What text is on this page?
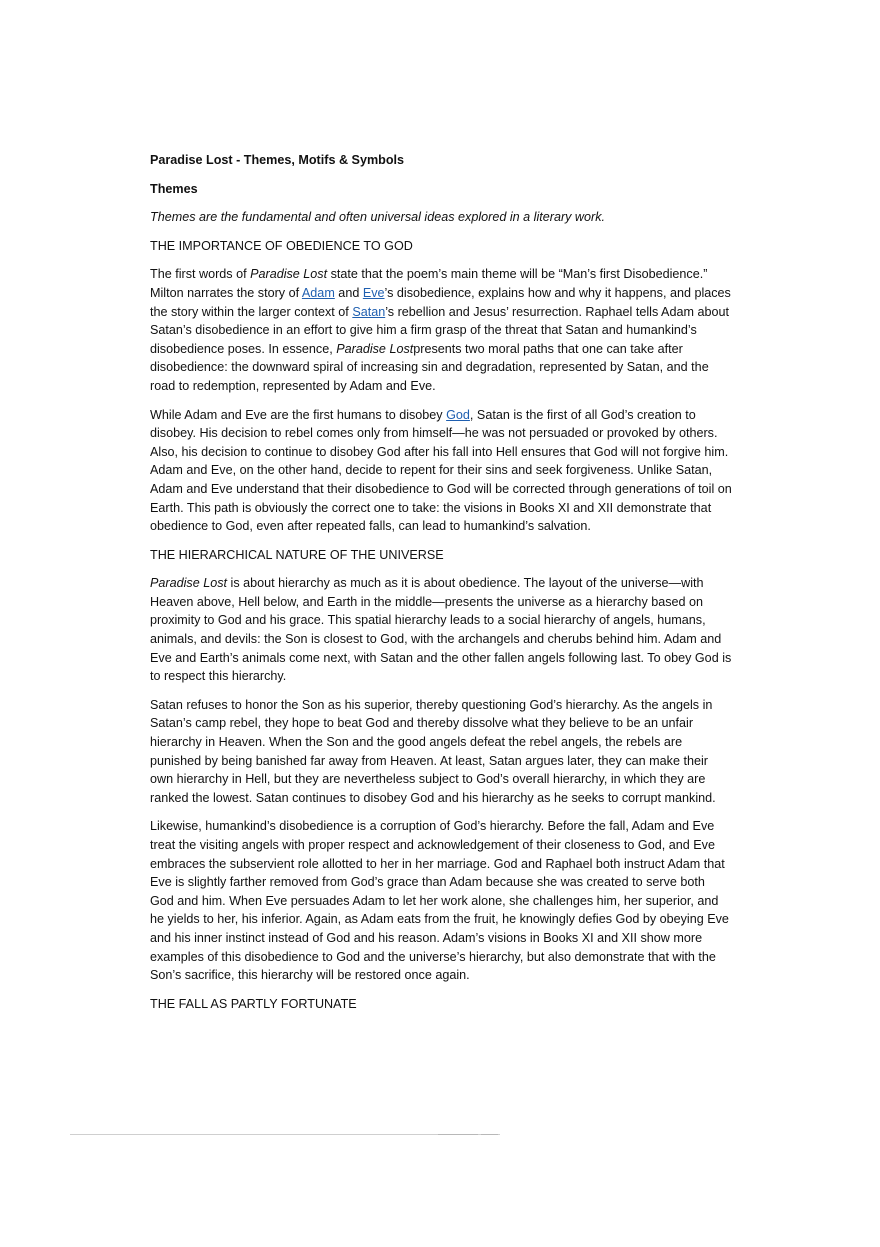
Paradise Lost - Themes, Motifs & Symbols

Themes

Themes are the fundamental and often universal ideas explored in a literary work.

THE IMPORTANCE OF OBEDIENCE TO GOD

The first words of Paradise Lost state that the poem’s main theme will be “Man’s first Disobedience.” Milton narrates the story of Adam and Eve’s disobedience, explains how and why it happens, and places the story within the larger context of Satan’s rebellion and Jesus’ resurrection. Raphael tells Adam about Satan’s disobedience in an effort to give him a firm grasp of the threat that Satan and humankind’s disobedience poses. In essence, Paradise Lostpresents two moral paths that one can take after disobedience: the downward spiral of increasing sin and degradation, represented by Satan, and the road to redemption, represented by Adam and Eve.

While Adam and Eve are the first humans to disobey God, Satan is the first of all God’s creation to disobey. His decision to rebel comes only from himself—he was not persuaded or provoked by others. Also, his decision to continue to disobey God after his fall into Hell ensures that God will not forgive him. Adam and Eve, on the other hand, decide to repent for their sins and seek forgiveness. Unlike Satan, Adam and Eve understand that their disobedience to God will be corrected through generations of toil on Earth. This path is obviously the correct one to take: the visions in Books XI and XII demonstrate that obedience to God, even after repeated falls, can lead to humankind’s salvation.

THE HIERARCHICAL NATURE OF THE UNIVERSE

Paradise Lost is about hierarchy as much as it is about obedience. The layout of the universe—with Heaven above, Hell below, and Earth in the middle—presents the universe as a hierarchy based on proximity to God and his grace. This spatial hierarchy leads to a social hierarchy of angels, humans, animals, and devils: the Son is closest to God, with the archangels and cherubs behind him. Adam and Eve and Earth’s animals come next, with Satan and the other fallen angels following last. To obey God is to respect this hierarchy.

Satan refuses to honor the Son as his superior, thereby questioning God’s hierarchy. As the angels in Satan’s camp rebel, they hope to beat God and thereby dissolve what they believe to be an unfair hierarchy in Heaven. When the Son and the good angels defeat the rebel angels, the rebels are punished by being banished far away from Heaven. At least, Satan argues later, they can make their own hierarchy in Hell, but they are nevertheless subject to God’s overall hierarchy, in which they are ranked the lowest. Satan continues to disobey God and his hierarchy as he seeks to corrupt mankind.

Likewise, humankind’s disobedience is a corruption of God’s hierarchy. Before the fall, Adam and Eve treat the visiting angels with proper respect and acknowledgement of their closeness to God, and Eve embraces the subservient role allotted to her in her marriage. God and Raphael both instruct Adam that Eve is slightly farther removed from God’s grace than Adam because she was created to serve both God and him. When Eve persuades Adam to let her work alone, she challenges him, her superior, and he yields to her, his inferior. Again, as Adam eats from the fruit, he knowingly defies God by obeying Eve and his inner instinct instead of God and his reason. Adam’s visions in Books XI and XII show more examples of this disobedience to God and the universe’s hierarchy, but also demonstrate that with the Son’s sacrifice, this hierarchy will be restored once again.

THE FALL AS PARTLY FORTUNATE
